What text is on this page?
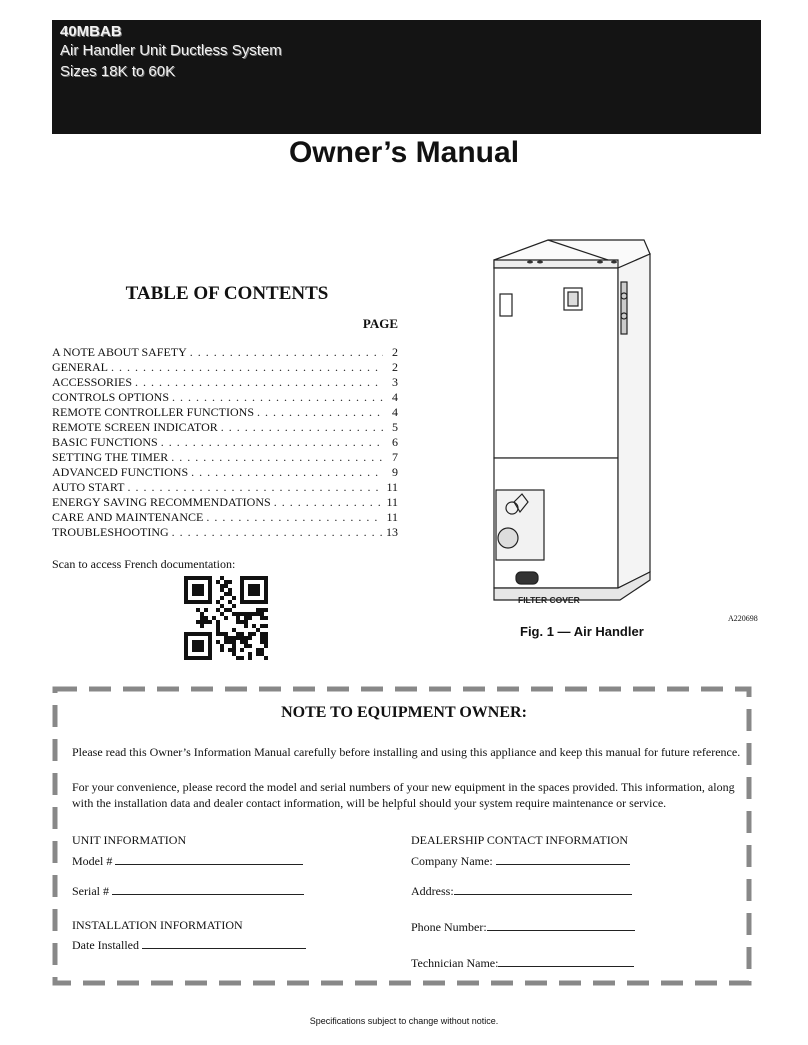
40MBAB
Air Handler Unit Ductless System
Sizes 18K to 60K
Owner’s Manual
TABLE OF CONTENTS
PAGE
A NOTE ABOUT SAFETY . . .	2
GENERAL . . .	2
ACCESSORIES . . .	3
CONTROLS OPTIONS . . .	4
REMOTE CONTROLLER FUNCTIONS . . .	4
REMOTE SCREEN INDICATOR . . .	5
BASIC FUNCTIONS . . .	6
SETTING THE TIMER . . .	7
ADVANCED FUNCTIONS . . .	9
AUTO START . . .	11
ENERGY SAVING RECOMMENDATIONS . . .	11
CARE AND MAINTENANCE . . .	11
TROUBLESHOOTING . . .	13
Scan to access French documentation:
FILTER COVER
A220698
Fig. 1 — Air Handler
NOTE TO EQUIPMENT OWNER:
Please read this Owner’s Information Manual carefully before installing and using this appliance and keep this manual for future reference.
For your convenience, please record the model and serial numbers of your new equipment in the spaces provided. This information, along with the installation data and dealer contact information, will be helpful should your system require maintenance or service.
UNIT INFORMATION
Model #
Serial #
INSTALLATION INFORMATION
Date Installed
DEALERSHIP CONTACT INFORMATION
Company Name:
Address:
Phone Number:
Technician Name:
Specifications subject to change without notice.
